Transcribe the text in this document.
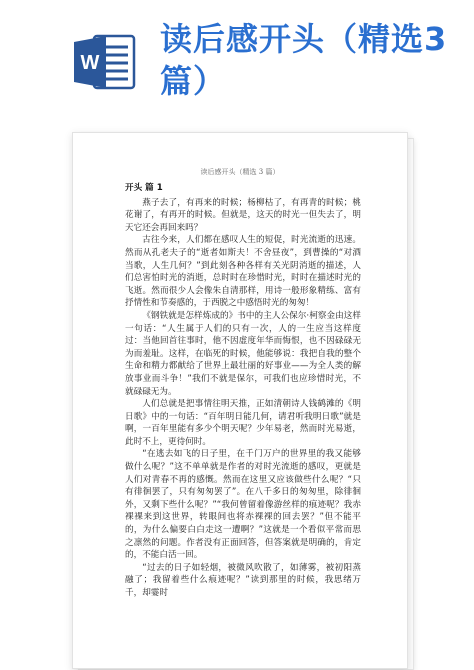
W
读后感开头（精选3篇）
读后感开头（精选 3 篇）
开头 篇 1

燕子去了，有再来的时候；杨柳枯了，有再青的时候；桃花谢了，有再开的时候。但就是，这天的时光一但失去了，明天它还会再回来吗？

古往今来，人们都在感叹人生的短促，时光流逝的迅速。然而从孔老夫子的“逝者如斯夫！不舍昼夜”，到曹操的“对酒当歌，人生几何？”到此刻各种各样有关光阴消逝的描述，人们总害怕时光的消逝，总时时在珍惜时光，时时在描述时光的飞逝。然而很少人会像朱自清那样，用诗一般形象精练、富有抒情性和节奏感的，于西脱之中感悟时光的匆匆！

《钢铁就是怎样炼成的》书中的主人公保尔·柯察金由这样一句话：“人生属于人们的只有一次，人的一生应当这样度过：当他回首往事时，他不因虚度年华而悔恨，也不因碌碌无为而羞耻。这样，在临死的时候，他能够说：我把自我的整个生命和精力都献给了世界上最壮丽的好事业——为全人类的解放事业而斗争！”我们不就是保尔，可我们也应珍惜时光，不就碌碌无为。

人们总就是把事情往明天推，正如清朝诗人钱鹤滩的《明日歌》中的一句话：“百年明日能几何，请君听我明日歌”就是啊，一百年里能有多少个明天呢？少年易老，然而时光易逝，此时不上，更待何时。

“在逃去如飞的日子里，在千门万户的世界里的我又能够做什么呢？”这不单单就是作者的对时光流逝的感叹，更就是人们对青春不再的感慨。然而在这里又应该做些什么呢？“只有徘徊罢了，只有匆匆罢了”。在八千多日的匆匆里，除徘徊外，又剩下些什么呢？”“我何曾留着像游丝样的痕迹呢？我赤裸裸来到这世界，转眼间也将赤裸裸的回去罢？”但不能平的，为什么偏要白白走这一遭啊？”这就是一个看似平常而思之凛然的问题。作者没有正面回答，但答案就是明确的，肯定的，不能白活一回。

“过去的日子如轻烟，被微风吹散了，如薄雾，被初阳蒸融了；我留着些什么痕迹呢？”读到那里的时候，我思绪万千，却霎时
